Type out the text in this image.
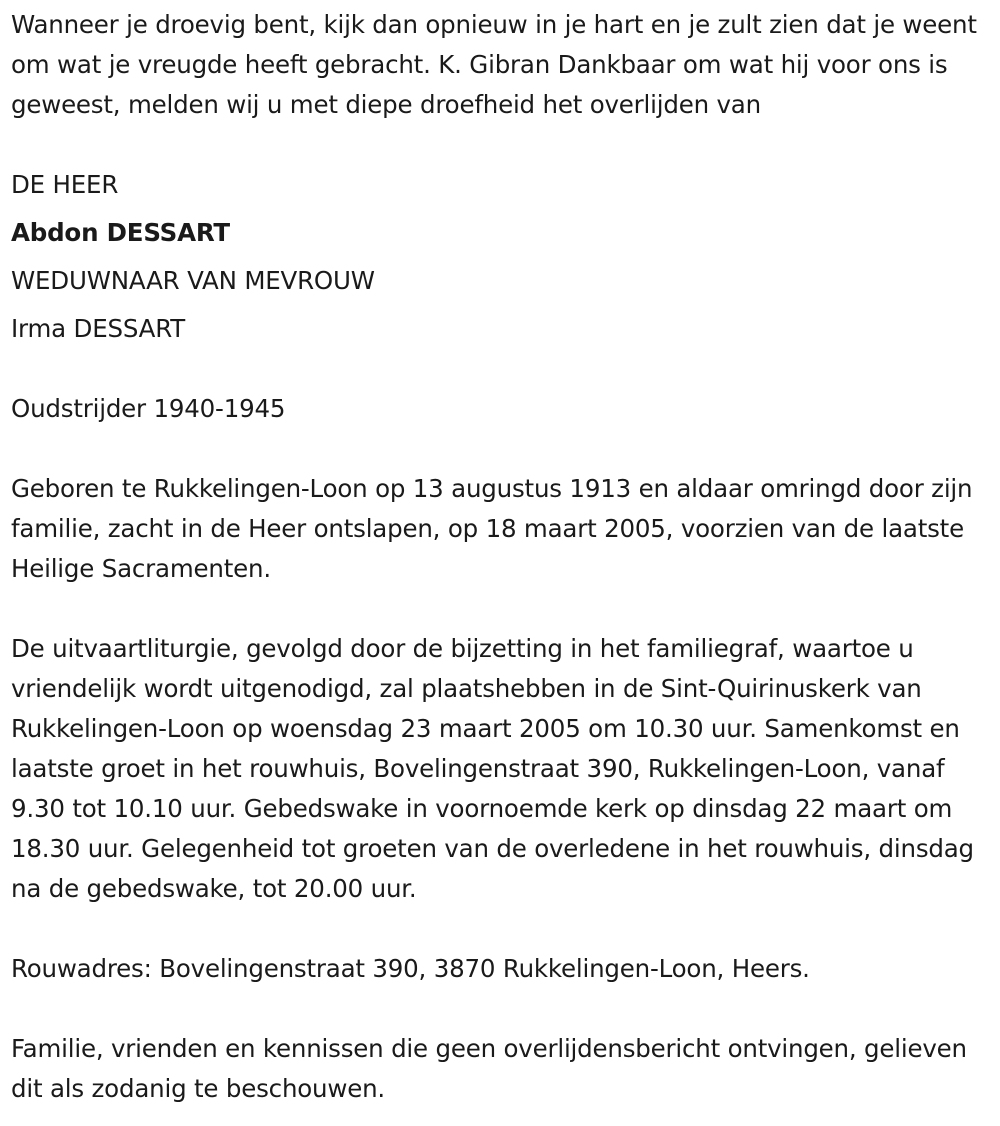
Wanneer je droevig bent, kijk dan opnieuw in je hart en je zult zien dat je weent om wat je vreugde heeft gebracht. K. Gibran Dankbaar om wat hij voor ons is geweest, melden wij u met diepe droefheid het overlijden van

DE HEER

Abdon DESSART

WEDUWNAAR VAN MEVROUW

Irma DESSART

Oudstrijder 1940-1945

Geboren te Rukkelingen-Loon op 13 augustus 1913 en aldaar omringd door zijn familie, zacht in de Heer ontslapen, op 18 maart 2005, voorzien van de laatste Heilige Sacramenten.

De uitvaartliturgie, gevolgd door de bijzetting in het familiegraf, waartoe u vriendelijk wordt uitgenodigd, zal plaatshebben in de Sint-Quirinuskerk van Rukkelingen-Loon op woensdag 23 maart 2005 om 10.30 uur. Samenkomst en laatste groet in het rouwhuis, Bovelingenstraat 390, Rukkelingen-Loon, vanaf 9.30 tot 10.10 uur. Gebedswake in voornoemde kerk op dinsdag 22 maart om 18.30 uur. Gelegenheid tot groeten van de overledene in het rouwhuis, dinsdag na de gebedswake, tot 20.00 uur.

Rouwadres: Bovelingenstraat 390, 3870 Rukkelingen-Loon, Heers.

Familie, vrienden en kennissen die geen overlijdensbericht ontvingen, gelieven dit als zodanig te beschouwen.
